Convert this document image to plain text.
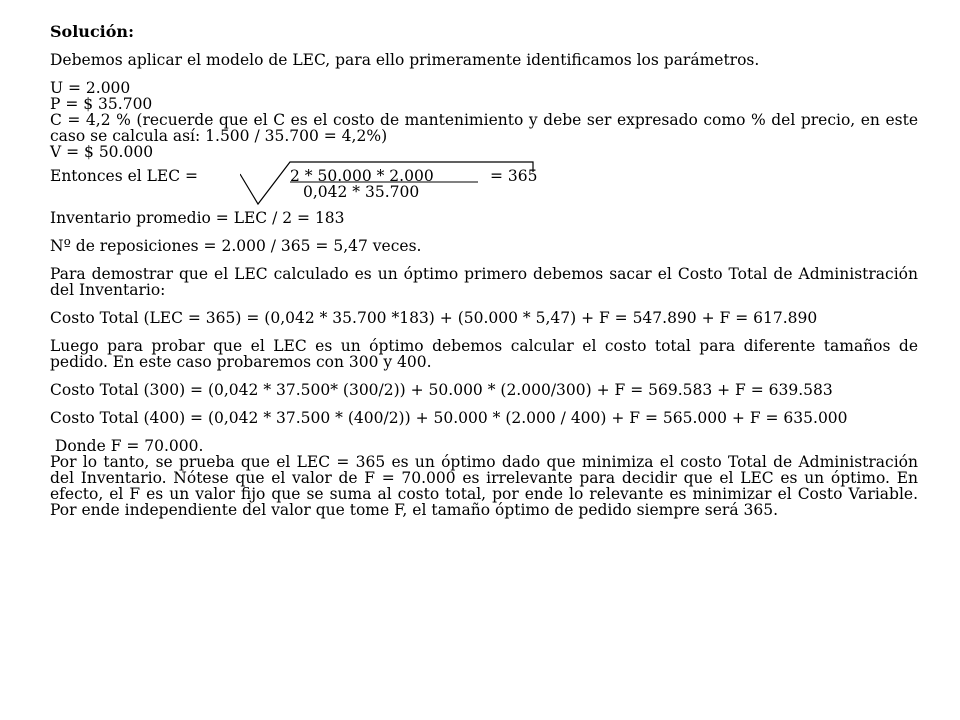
Solución:

Debemos aplicar el modelo de LEC, para ello primeramente identificamos los parámetros.

U = 2.000

P = $ 35.700

C = 4,2 % (recuerde que el C es el costo de mantenimiento y debe ser expresado como % del precio, en este caso se calcula así: 1.500 / 35.700 = 4,2%)

V = $ 50.000

Entonces el LEC =	2 * 50.000 * 2.000
0,042 * 35.700
= 365

Inventario promedio = LEC / 2 = 183

Nº de reposiciones = 2.000 / 365 = 5,47 veces.

Para demostrar que el LEC calculado es un óptimo primero debemos sacar el Costo Total de Administración del Inventario:

Costo Total (LEC = 365) = (0,042 * 35.700 *183) + (50.000 * 5,47) + F = 547.890 + F = 617.890

Luego para probar que el LEC es un óptimo debemos calcular el costo total para diferente tamaños de pedido. En este caso probaremos con 300 y 400.

Costo Total (300) = (0,042 * 37.500* (300/2)) + 50.000 * (2.000/300) + F = 569.583 + F = 639.583

Costo Total (400) = (0,042 * 37.500 * (400/2)) + 50.000 * (2.000 / 400) + F = 565.000 + F = 635.000

Donde F = 70.000.

Por lo tanto, se prueba que el LEC = 365 es un óptimo dado que minimiza el costo Total de Administración del Inventario. Nótese que el valor de F = 70.000 es irrelevante para decidir que el LEC es un óptimo. En efecto, el F es un valor fijo que se suma al costo total, por ende lo relevante es minimizar el Costo Variable. Por ende independiente del valor que tome F, el tamaño óptimo de pedido siempre será 365.
